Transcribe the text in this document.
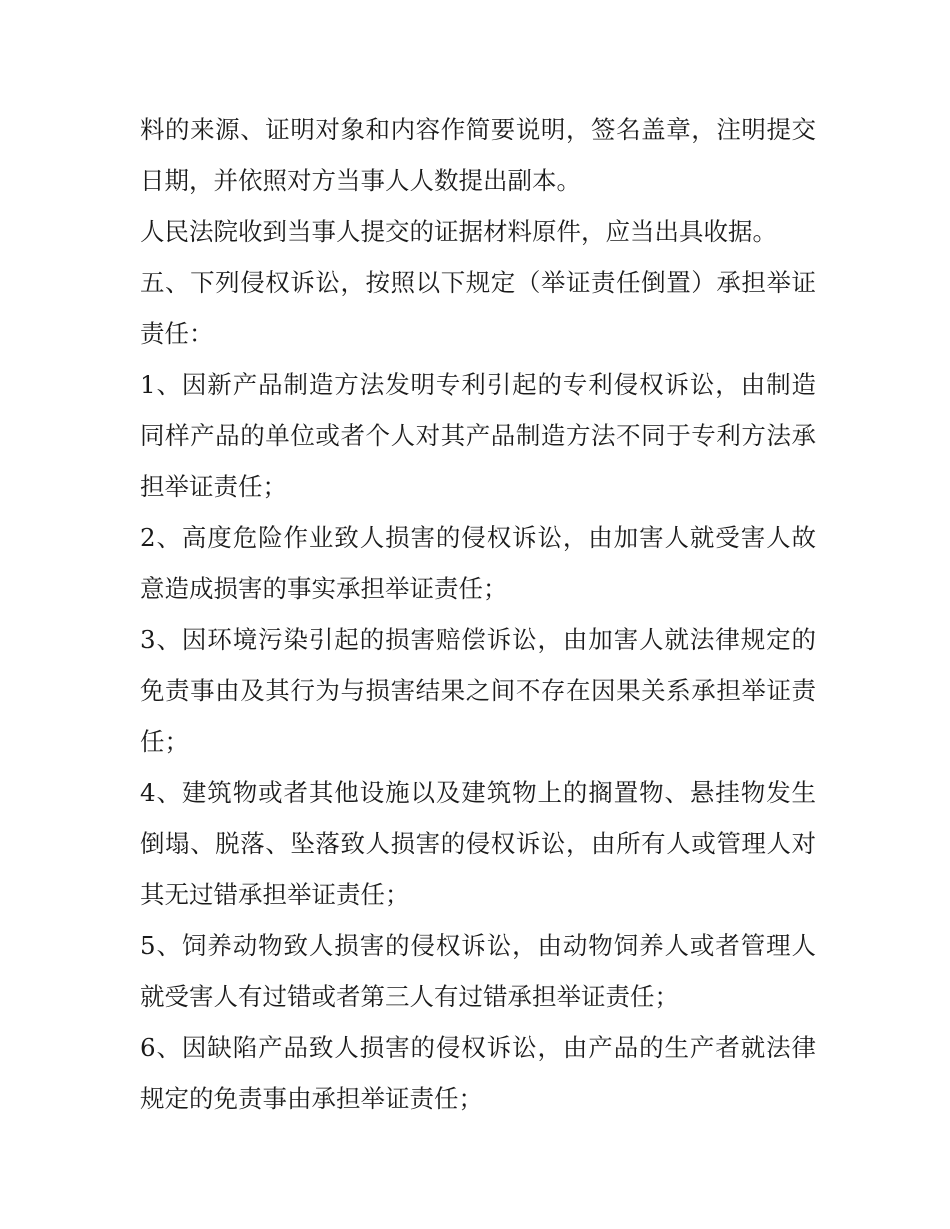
料的来源、证明对象和内容作简要说明，签名盖章，注明提交
日期，并依照对方当事人人数提出副本。

人民法院收到当事人提交的证据材料原件，应当出具收据。

五、下列侵权诉讼，按照以下规定（举证责任倒置）承担举证
责任：

1、因新产品制造方法发明专利引起的专利侵权诉讼，由制造
同样产品的单位或者个人对其产品制造方法不同于专利方法承
担举证责任；

2、高度危险作业致人损害的侵权诉讼，由加害人就受害人故
意造成损害的事实承担举证责任；

3、因环境污染引起的损害赔偿诉讼，由加害人就法律规定的
免责事由及其行为与损害结果之间不存在因果关系承担举证责
任；

4、建筑物或者其他设施以及建筑物上的搁置物、悬挂物发生
倒塌、脱落、坠落致人损害的侵权诉讼，由所有人或管理人对
其无过错承担举证责任；

5、饲养动物致人损害的侵权诉讼，由动物饲养人或者管理人
就受害人有过错或者第三人有过错承担举证责任；

6、因缺陷产品致人损害的侵权诉讼，由产品的生产者就法律
规定的免责事由承担举证责任；
